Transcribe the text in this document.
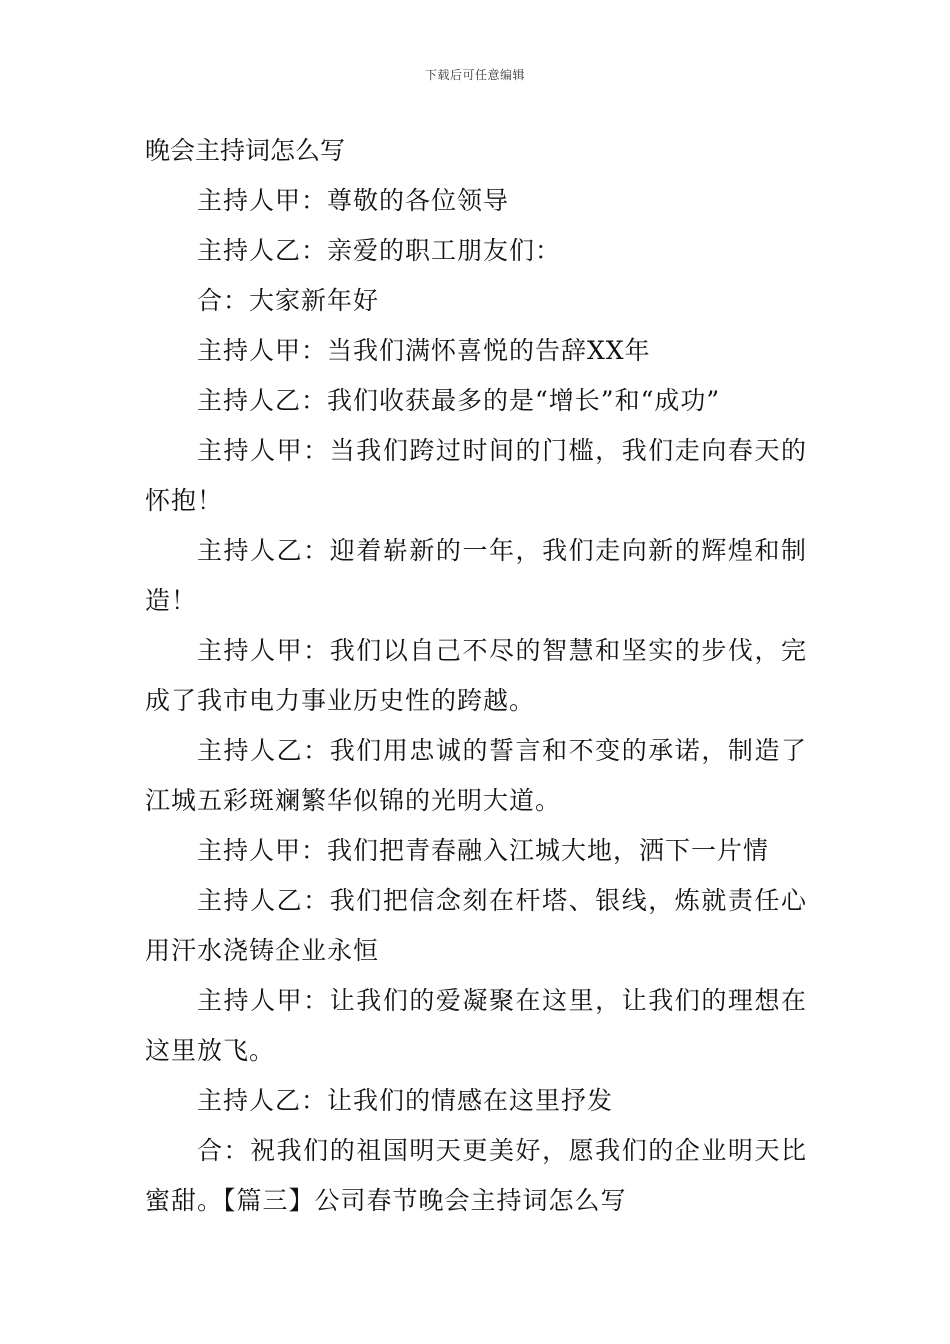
下载后可任意编辑

晚会主持词怎么写

主持人甲：尊敬的各位领导

主持人乙：亲爱的职工朋友们：

合：大家新年好

主持人甲：当我们满怀喜悦的告辞XX年

主持人乙：我们收获最多的是“增长”和“成功”

主持人甲：当我们跨过时间的门槛，我们走向春天的怀抱！

主持人乙：迎着崭新的一年，我们走向新的辉煌和制造！

主持人甲：我们以自己不尽的智慧和坚实的步伐，完成了我市电力事业历史性的跨越。

主持人乙：我们用忠诚的誓言和不变的承诺，制造了江城五彩斑斓繁华似锦的光明大道。

主持人甲：我们把青春融入江城大地，洒下一片情

主持人乙：我们把信念刻在杆塔、银线，炼就责任心用汗水浇铸企业永恒

主持人甲：让我们的爱凝聚在这里，让我们的理想在这里放飞。

主持人乙：让我们的情感在这里抒发

合：祝我们的祖国明天更美好，愿我们的企业明天比蜜甜。【篇三】公司春节晚会主持词怎么写
